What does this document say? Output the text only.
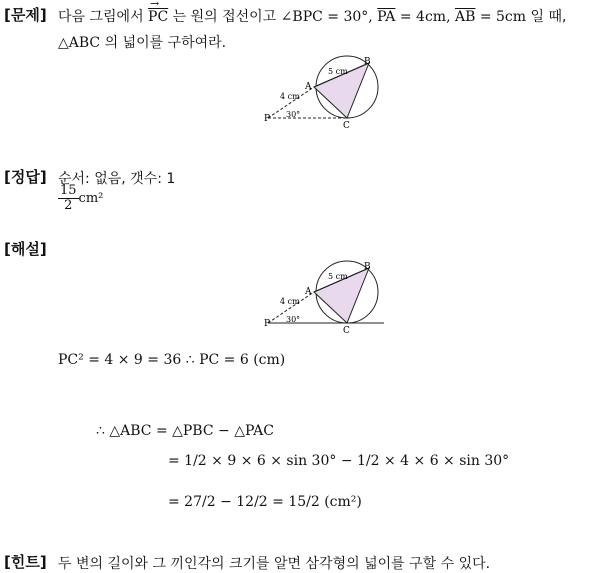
[문제] 다음 그림에서 $\overline{PC}$
→
는 원의 접선이고 ∠BPC = 30°, $\overline{PA} = 4cm$, $\overline{AB} = 5cm$ 일 때,
△ABC 의 넓이를 구하여라.
B
A
C
P
5 cm
4 cm
30°
[정답] 순서: 없음, 갯수: 1
$\frac{15}{2} cm^2$
[해설]
B
A
C
P
5 cm
4 cm
30°
PC² = 4 × 9 = 36 ∴ PC = 6 (cm)
∴ △ABC = △PBC − △PAC
= 1/2 × 9 × 6 × sin 30° − 1/2 × 4 × 6 × sin 30°
= 27/2 − 12/2 = 15/2 (cm²)
[힌트] 두 변의 길이와 그 끼인각의 크기를 알면 삼각형의 넓이를 구할 수 있다.
